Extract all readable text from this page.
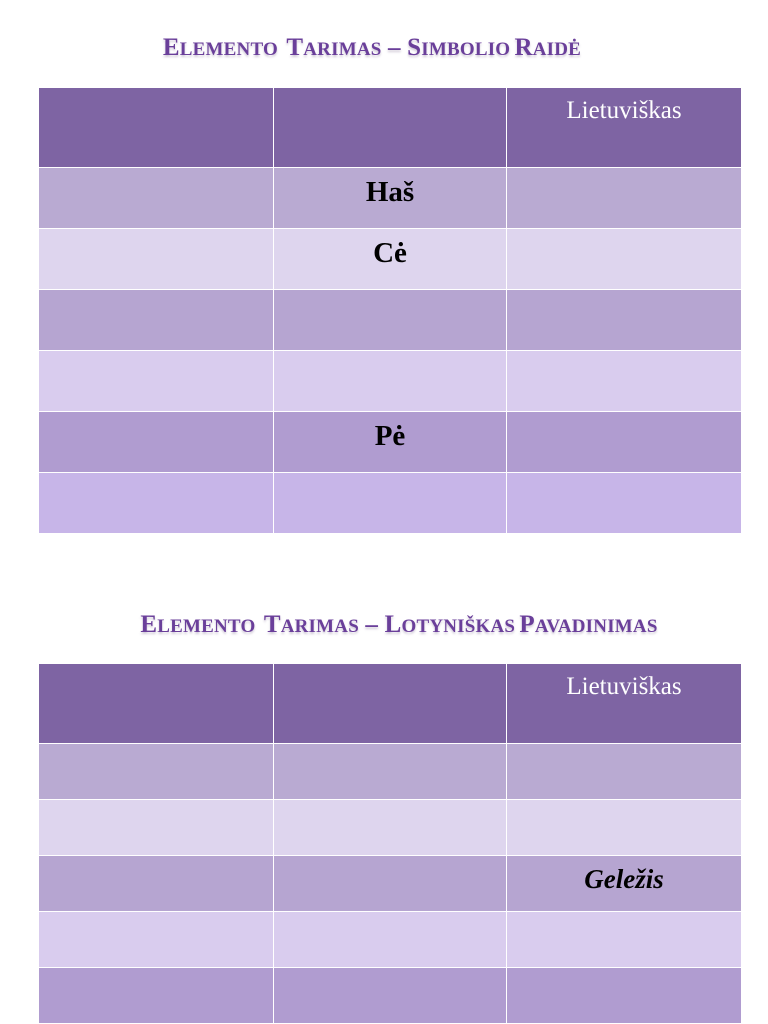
ELEMENTO TARIMAS – SIMBOLIO RAIDĖ
		Lietuviškas
	Haš	
	Cė	

	Pė	

ELEMENTO TARIMAS – LOTYNIŠKAS PAVADINIMAS
		Lietuviškas

		Geležis
